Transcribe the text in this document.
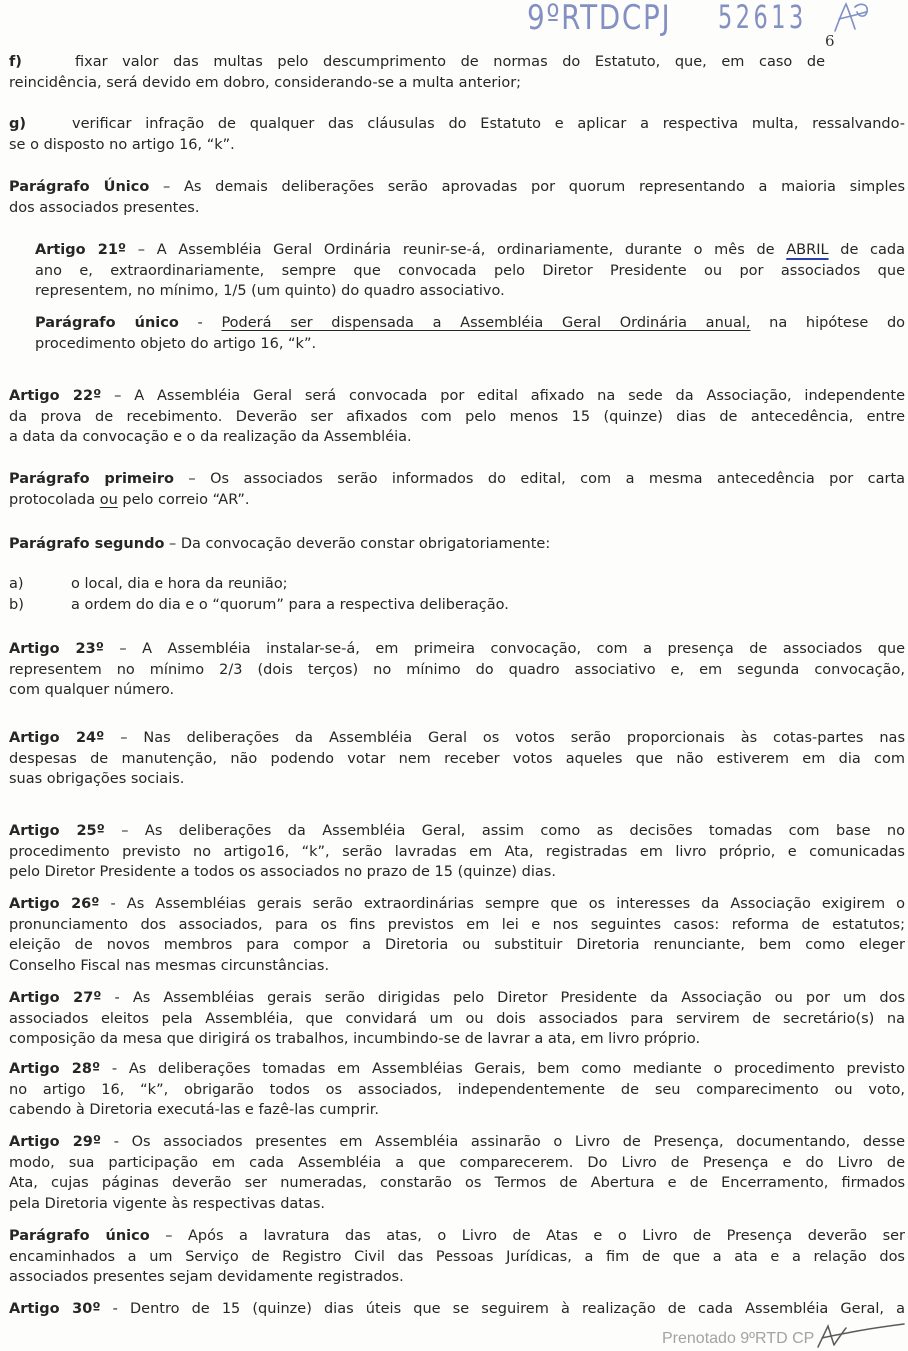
9ºRTDCPJ 52613
6
f)	fixar valor das multas pelo descumprimento de normas do Estatuto, que, em caso de
reincidência, será devido em dobro, considerando-se a multa anterior;
g)	verificar infração de qualquer das cláusulas do Estatuto e aplicar a respectiva multa, ressalvando-
se o disposto no artigo 16, “k”.
Parágrafo Único – As demais deliberações serão aprovadas por quorum representando a maioria simples
dos associados presentes.
Artigo 21º – A Assembléia Geral Ordinária reunir-se-á, ordinariamente, durante o mês de ABRIL de cada
ano e, extraordinariamente, sempre que convocada pelo Diretor Presidente ou por associados que
representem, no mínimo, 1/5 (um quinto) do quadro associativo.
Parágrafo único - Poderá ser dispensada a Assembléia Geral Ordinária anual, na hipótese do
procedimento objeto do artigo 16, “k”.
Artigo 22º – A Assembléia Geral será convocada por edital afixado na sede da Associação, independente
da prova de recebimento. Deverão ser afixados com pelo menos 15 (quinze) dias de antecedência, entre
a data da convocação e o da realização da Assembléia.
Parágrafo primeiro – Os associados serão informados do edital, com a mesma antecedência por carta
protocolada ou pelo correio “AR”.
Parágrafo segundo – Da convocação deverão constar obrigatoriamente:
a)	o local, dia e hora da reunião;
b)	a ordem do dia e o “quorum” para a respectiva deliberação.
Artigo 23º – A Assembléia instalar-se-á, em primeira convocação, com a presença de associados que
representem no mínimo 2/3 (dois terços) no mínimo do quadro associativo e, em segunda convocação,
com qualquer número.
Artigo 24º – Nas deliberações da Assembléia Geral os votos serão proporcionais às cotas-partes nas
despesas de manutenção, não podendo votar nem receber votos aqueles que não estiverem em dia com
suas obrigações sociais.
Artigo 25º – As deliberações da Assembléia Geral, assim como as decisões tomadas com base no
procedimento previsto no artigo16, “k”, serão lavradas em Ata, registradas em livro próprio, e comunicadas
pelo Diretor Presidente a todos os associados no prazo de 15 (quinze) dias.
Artigo 26º - As Assembléias gerais serão extraordinárias sempre que os interesses da Associação exigirem o
pronunciamento dos associados, para os fins previstos em lei e nos seguintes casos: reforma de estatutos;
eleição de novos membros para compor a Diretoria ou substituir Diretoria renunciante, bem como eleger
Conselho Fiscal nas mesmas circunstâncias.
Artigo 27º - As Assembléias gerais serão dirigidas pelo Diretor Presidente da Associação ou por um dos
associados eleitos pela Assembléia, que convidará um ou dois associados para servirem de secretário(s) na
composição da mesa que dirigirá os trabalhos, incumbindo-se de lavrar a ata, em livro próprio.
Artigo 28º - As deliberações tomadas em Assembléias Gerais, bem como mediante o procedimento previsto
no artigo 16, “k”, obrigarão todos os associados, independentemente de seu comparecimento ou voto,
cabendo à Diretoria executá-las e fazê-las cumprir.
Artigo 29º - Os associados presentes em Assembléia assinarão o Livro de Presença, documentando, desse
modo, sua participação em cada Assembléia a que comparecerem. Do Livro de Presença e do Livro de
Ata, cujas páginas deverão ser numeradas, constarão os Termos de Abertura e de Encerramento, firmados
pela Diretoria vigente às respectivas datas.
Parágrafo único – Após a lavratura das atas, o Livro de Atas e o Livro de Presença deverão ser
encaminhados a um Serviço de Registro Civil das Pessoas Jurídicas, a fim de que a ata e a relação dos
associados presentes sejam devidamente registrados.
Artigo 30º - Dentro de 15 (quinze) dias úteis que se seguirem à realização de cada Assembléia Geral, a
Prenotado 9ºRTD CP
